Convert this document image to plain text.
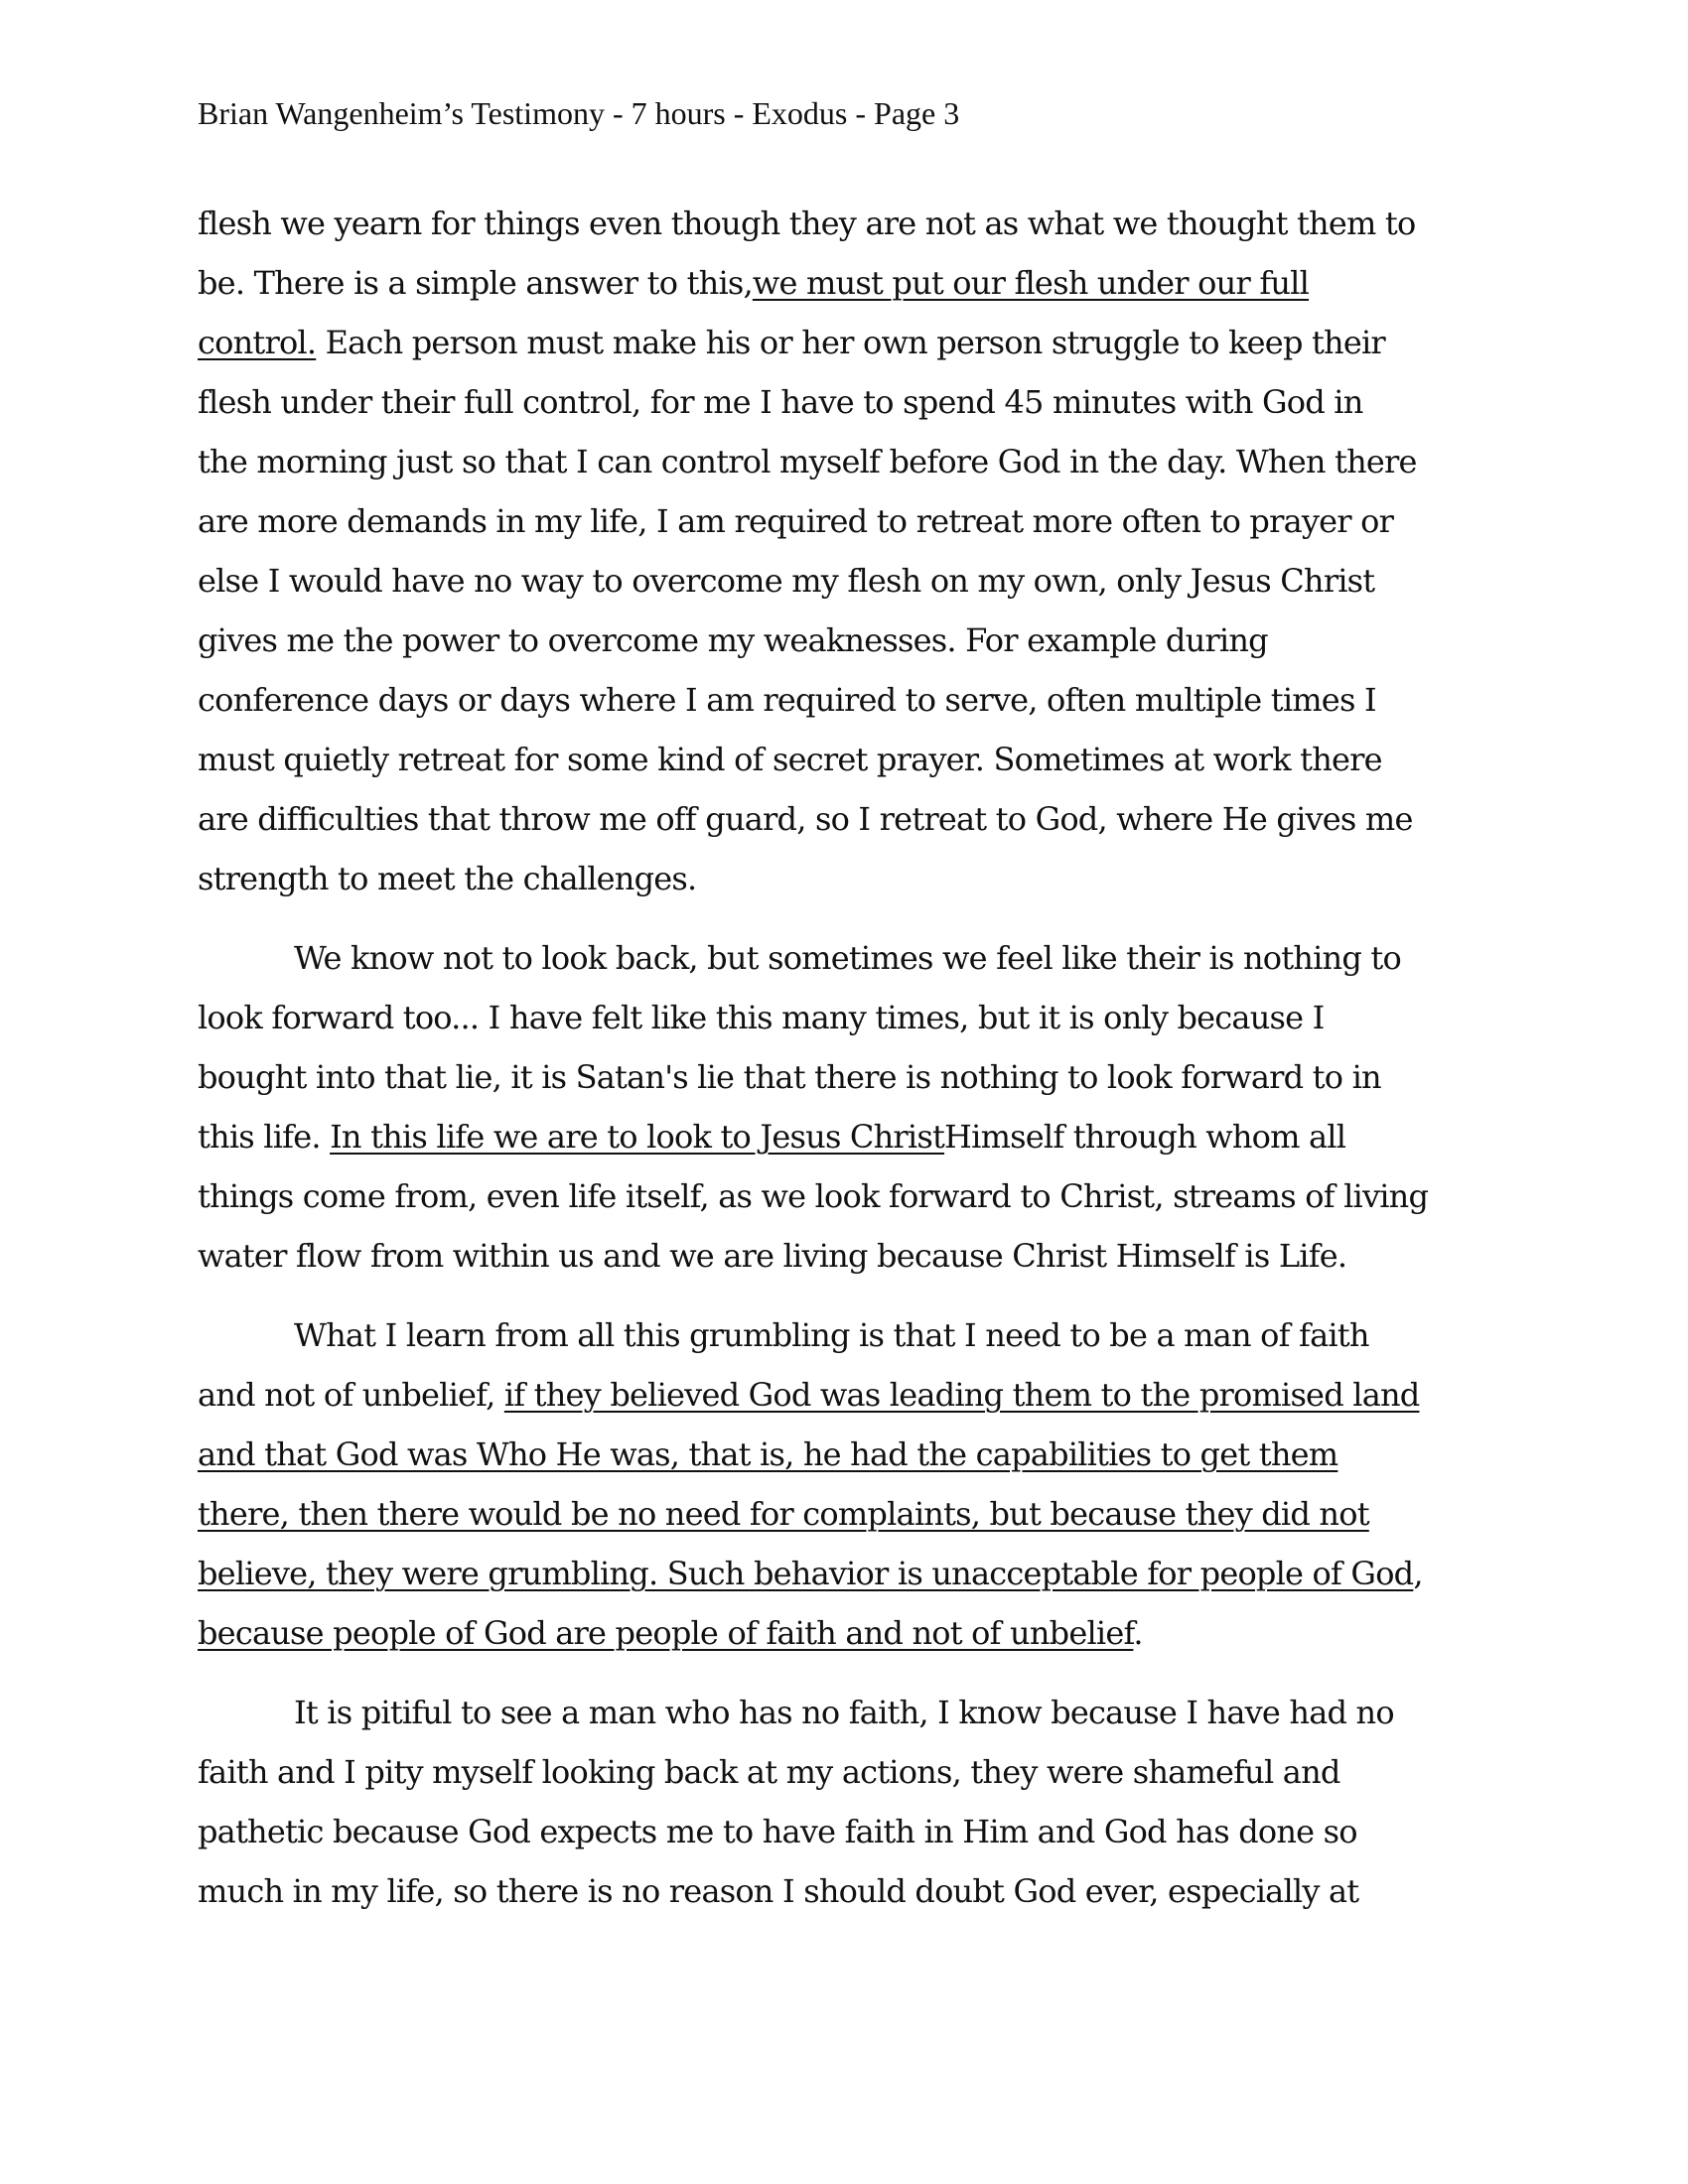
Brian Wangenheim’s Testimony - 7 hours - Exodus - Page 3
flesh we yearn for things even though they are not as what we thought them to
be. There is a simple answer to this,we must put our flesh under our full
control. Each person must make his or her own person struggle to keep their
flesh under their full control, for me I have to spend 45 minutes with God in
the morning just so that I can control myself before God in the day. When there
are more demands in my life, I am required to retreat more often to prayer or
else I would have no way to overcome my flesh on my own, only Jesus Christ
gives me the power to overcome my weaknesses. For example during
conference days or days where I am required to serve, often multiple times I
must quietly retreat for some kind of secret prayer. Sometimes at work there
are difficulties that throw me off guard, so I retreat to God, where He gives me
strength to meet the challenges.
We know not to look back, but sometimes we feel like their is nothing to
look forward too... I have felt like this many times, but it is only because I
bought into that lie, it is Satan's lie that there is nothing to look forward to in
this life. In this life we are to look to Jesus ChristHimself through whom all
things come from, even life itself, as we look forward to Christ, streams of living
water flow from within us and we are living because Christ Himself is Life.
What I learn from all this grumbling is that I need to be a man of faith
and not of unbelief, if they believed God was leading them to the promised land
and that God was Who He was, that is, he had the capabilities to get them
there, then there would be no need for complaints, but because they did not
believe, they were grumbling. Such behavior is unacceptable for people of God,
because people of God are people of faith and not of unbelief.
It is pitiful to see a man who has no faith, I know because I have had no
faith and I pity myself looking back at my actions, they were shameful and
pathetic because God expects me to have faith in Him and God has done so
much in my life, so there is no reason I should doubt God ever, especially at
